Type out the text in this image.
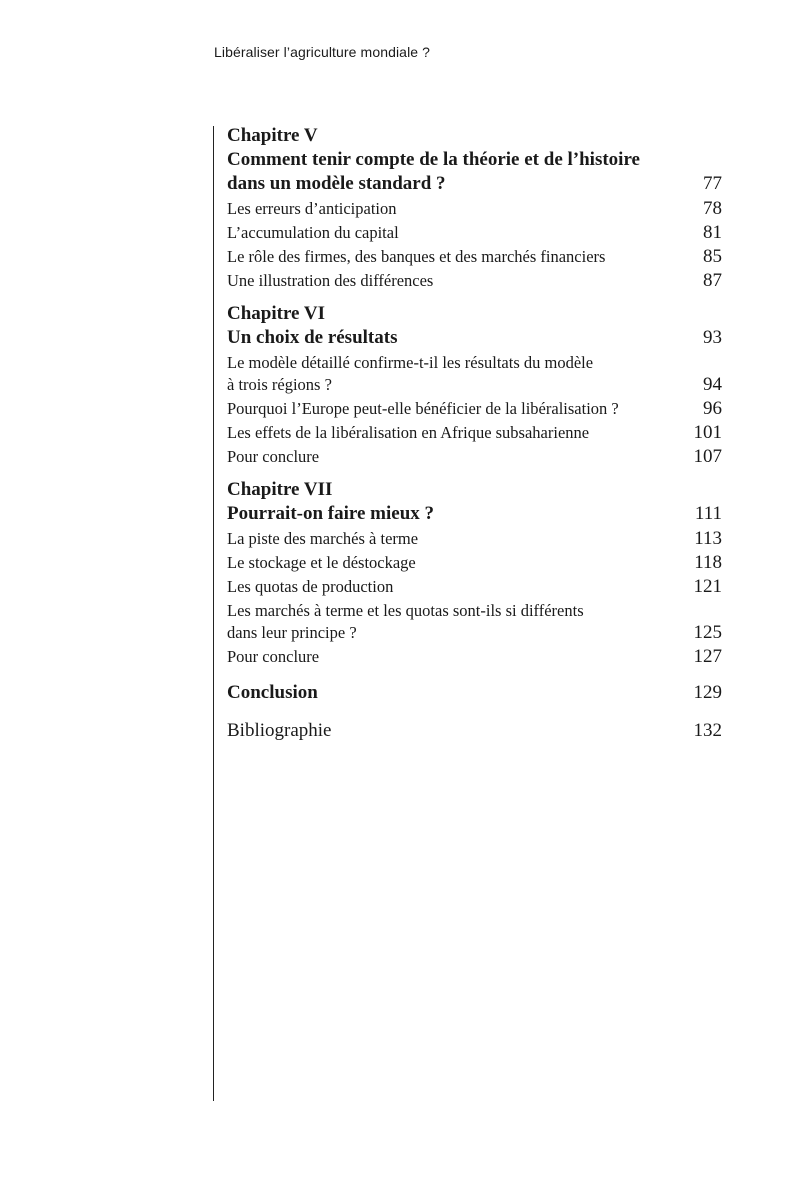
Libéraliser l’agriculture mondiale ?
Chapitre V
Comment tenir compte de la théorie et de l’histoire
dans un modèle standard ?	77
Les erreurs d’anticipation	78
L’accumulation du capital	81
Le rôle des firmes, des banques et des marchés financiers	85
Une illustration des différences	87
Chapitre VI
Un choix de résultats	93
Le modèle détaillé confirme-t-il les résultats du modèle
à trois régions ?	94
Pourquoi l’Europe peut-elle bénéficier de la libéralisation ?	96
Les effets de la libéralisation en Afrique subsaharienne	101
Pour conclure	107
Chapitre VII
Pourrait-on faire mieux ?	111
La piste des marchés à terme	113
Le stockage et le déstockage	118
Les quotas de production	121
Les marchés à terme et les quotas sont-ils si différents
dans leur principe ?	125
Pour conclure	127
Conclusion	129
Bibliographie	132
